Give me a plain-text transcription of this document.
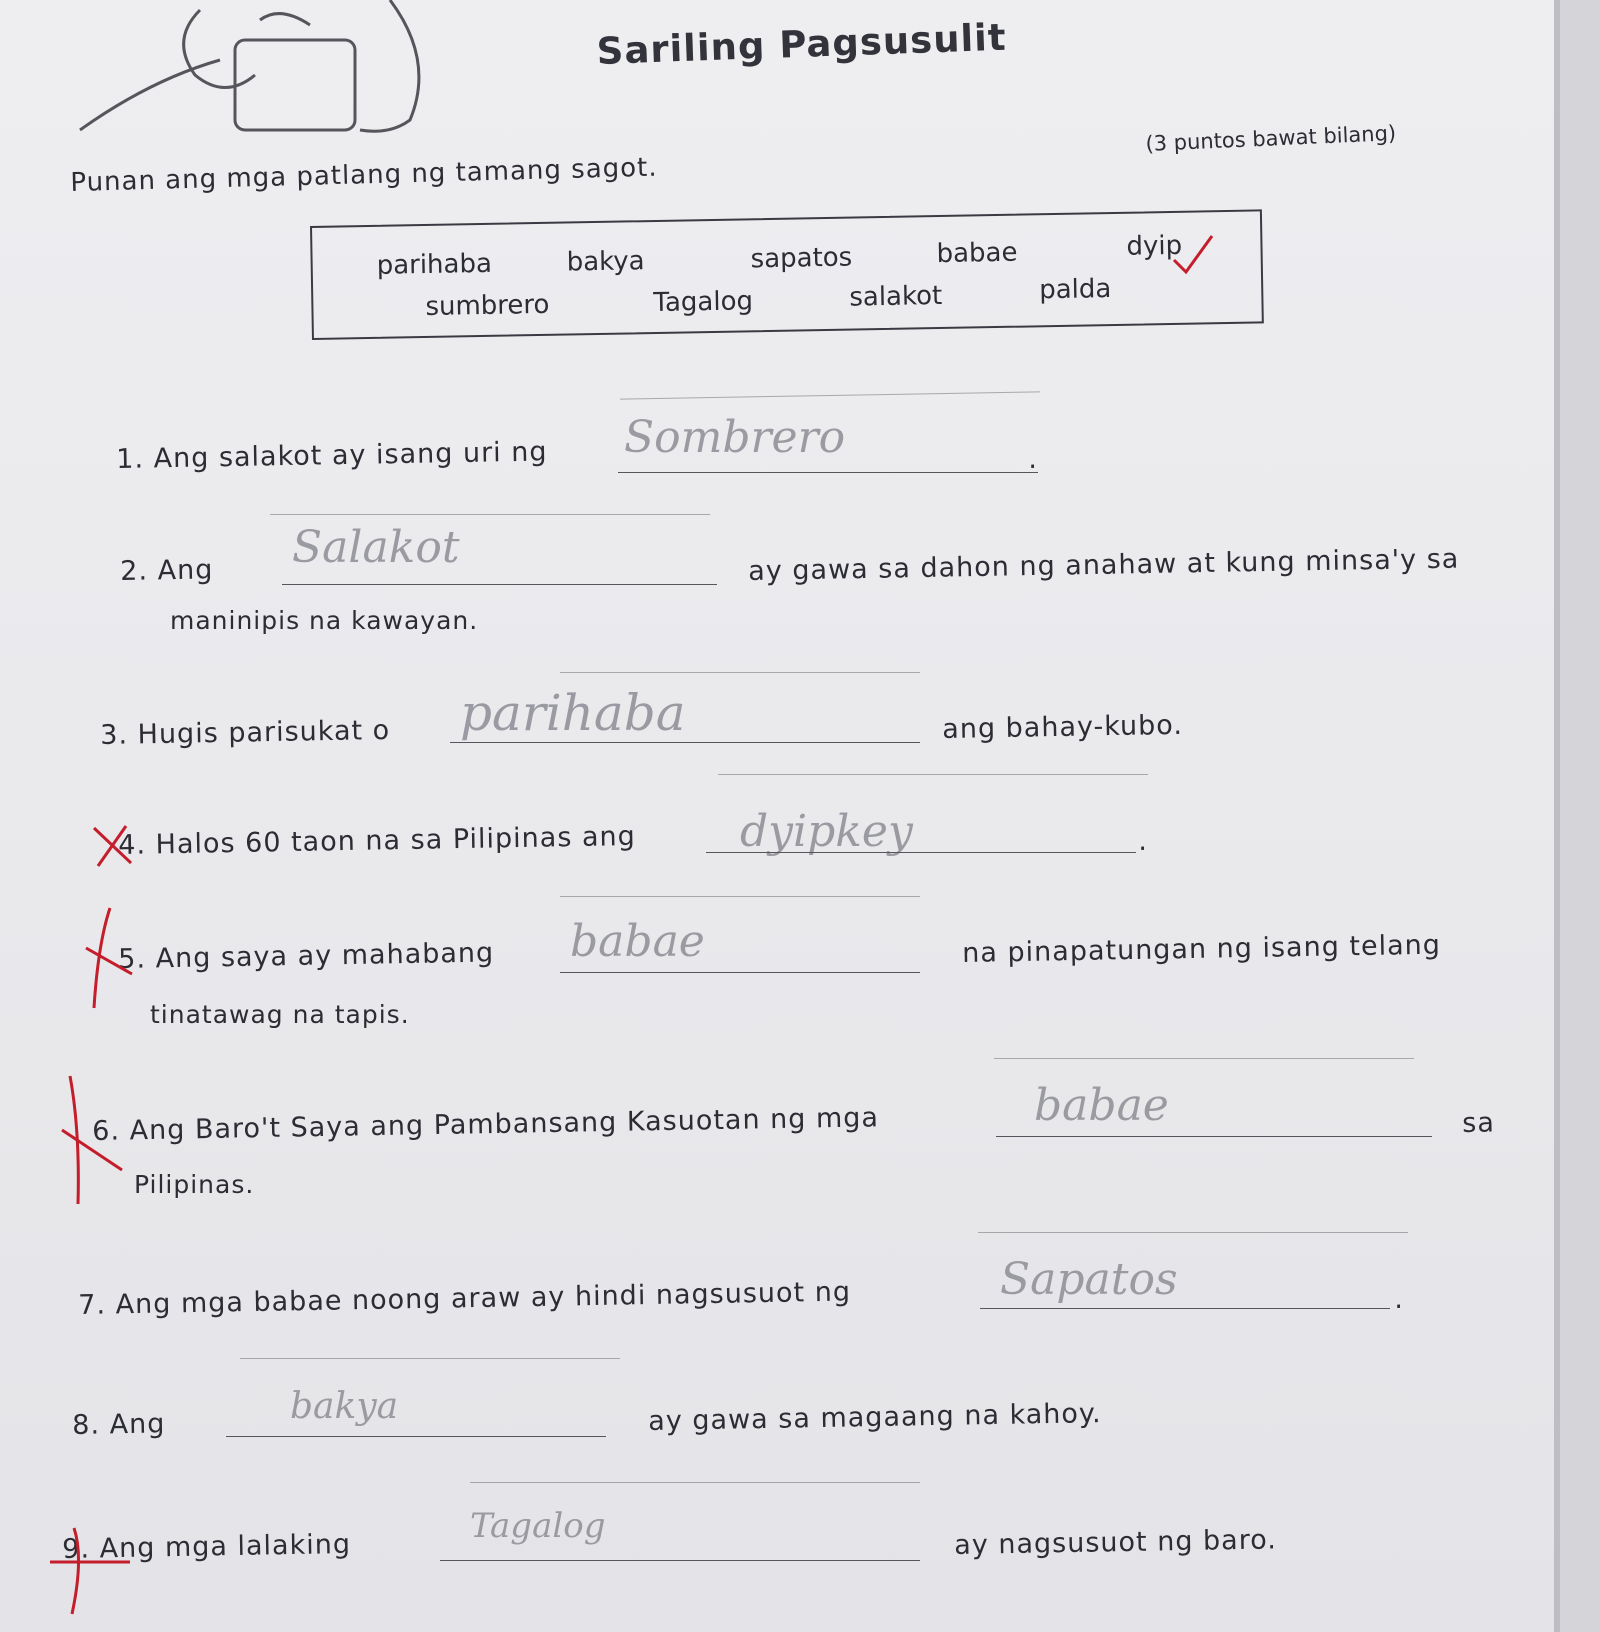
Sariling Pagsusulit
(3 puntos bawat bilang)
Punan ang mga patlang ng tamang sagot.
parihaba	bakya	sapatos	babae	dyip
sumbrero	Tagalog	salakot	palda
1. Ang salakot ay isang uri ng Sombrero	.
2. Ang Salakot	ay gawa sa dahon ng anahaw at kung minsa'y sa
maninipis na kawayan.
3. Hugis parisukat o parihaba	ang bahay-kubo.
4. Halos 60 taon na sa Pilipinas ang dyipkey	.
5. Ang saya ay mahabang babae	na pinapatungan ng isang telang
tinatawag na tapis.
6. Ang Baro't Saya ang Pambansang Kasuotan ng mga	babae	sa
Pilipinas.
7. Ang mga babae noong araw ay hindi nagsusuot ng	Sapatos	.
8. Ang	bakya	ay gawa sa magaang na kahoy.
9. Ang mga lalaking
Tagalog	ay nagsusuot ng baro.
